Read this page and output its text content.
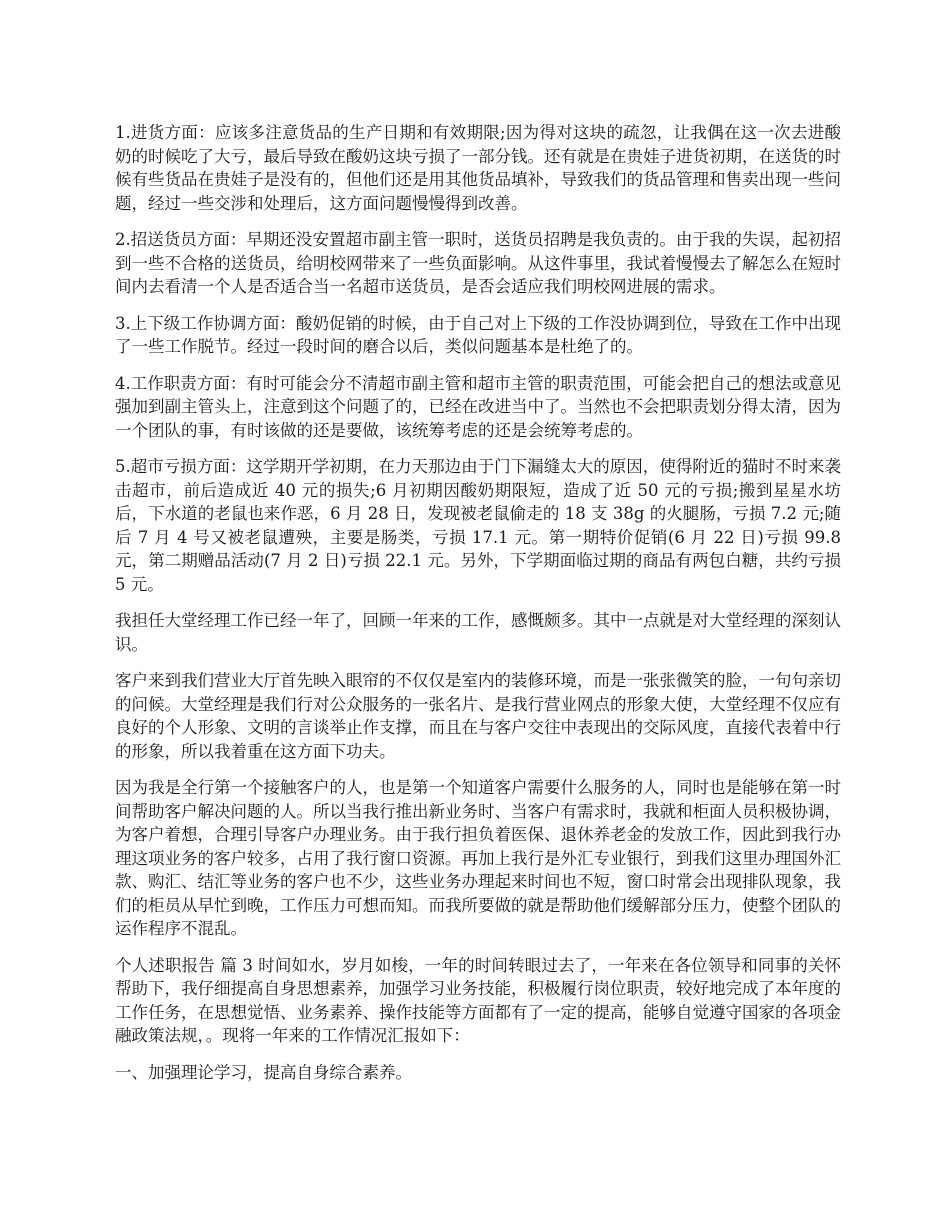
1.进货方面：应该多注意货品的生产日期和有效期限;因为得对这块的疏忽，让我偶在这一次去进酸奶的时候吃了大亏，最后导致在酸奶这块亏损了一部分钱。还有就是在贵娃子进货初期，在送货的时候有些货品在贵娃子是没有的，但他们还是用其他货品填补，导致我们的货品管理和售卖出现一些问题，经过一些交涉和处理后，这方面问题慢慢得到改善。

2.招送货员方面：早期还没安置超市副主管一职时，送货员招聘是我负责的。由于我的失误，起初招到一些不合格的送货员，给明校网带来了一些负面影响。从这件事里，我试着慢慢去了解怎么在短时间内去看清一个人是否适合当一名超市送货员，是否会适应我们明校网进展的需求。

3.上下级工作协调方面：酸奶促销的时候，由于自己对上下级的工作没协调到位，导致在工作中出现了一些工作脱节。经过一段时间的磨合以后，类似问题基本是杜绝了的。

4.工作职责方面：有时可能会分不清超市副主管和超市主管的职责范围，可能会把自己的想法或意见强加到副主管头上，注意到这个问题了的，已经在改进当中了。当然也不会把职责划分得太清，因为一个团队的事，有时该做的还是要做，该统筹考虑的还是会统筹考虑的。

5.超市亏损方面：这学期开学初期，在力天那边由于门下漏缝太大的原因，使得附近的猫时不时来袭击超市，前后造成近 40 元的损失;6 月初期因酸奶期限短，造成了近 50 元的亏损;搬到星星水坊后，下水道的老鼠也来作恶，6 月 28 日，发现被老鼠偷走的 18 支 38g 的火腿肠，亏损 7.2 元;随后 7 月 4 号又被老鼠遭殃，主要是肠类，亏损 17.1 元。第一期特价促销(6 月 22 日)亏损 99.8 元，第二期赠品活动(7 月 2 日)亏损 22.1 元。另外，下学期面临过期的商品有两包白糖，共约亏损 5 元。

我担任大堂经理工作已经一年了，回顾一年来的工作，感慨颇多。其中一点就是对大堂经理的深刻认识。

客户来到我们营业大厅首先映入眼帘的不仅仅是室内的装修环境，而是一张张微笑的脸，一句句亲切的问候。大堂经理是我们行对公众服务的一张名片、是我行营业网点的形象大使，大堂经理不仅应有良好的个人形象、文明的言谈举止作支撑，而且在与客户交往中表现出的交际风度，直接代表着中行的形象，所以我着重在这方面下功夫。

因为我是全行第一个接触客户的人，也是第一个知道客户需要什么服务的人，同时也是能够在第一时间帮助客户解决问题的人。所以当我行推出新业务时、当客户有需求时，我就和柜面人员积极协调，为客户着想，合理引导客户办理业务。由于我行担负着医保、退休养老金的发放工作，因此到我行办理这项业务的客户较多，占用了我行窗口资源。再加上我行是外汇专业银行，到我们这里办理国外汇款、购汇、结汇等业务的客户也不少，这些业务办理起来时间也不短，窗口时常会出现排队现象，我们的柜员从早忙到晚，工作压力可想而知。而我所要做的就是帮助他们缓解部分压力，使整个团队的运作程序不混乱。

个人述职报告 篇 3 时间如水，岁月如梭，一年的时间转眼过去了，一年来在各位领导和同事的关怀帮助下，我仔细提高自身思想素养，加强学习业务技能，积极履行岗位职责，较好地完成了本年度的工作任务，在思想觉悟、业务素养、操作技能等方面都有了一定的提高，能够自觉遵守国家的各项金融政策法规，。现将一年来的工作情况汇报如下：

一、加强理论学习，提高自身综合素养。
